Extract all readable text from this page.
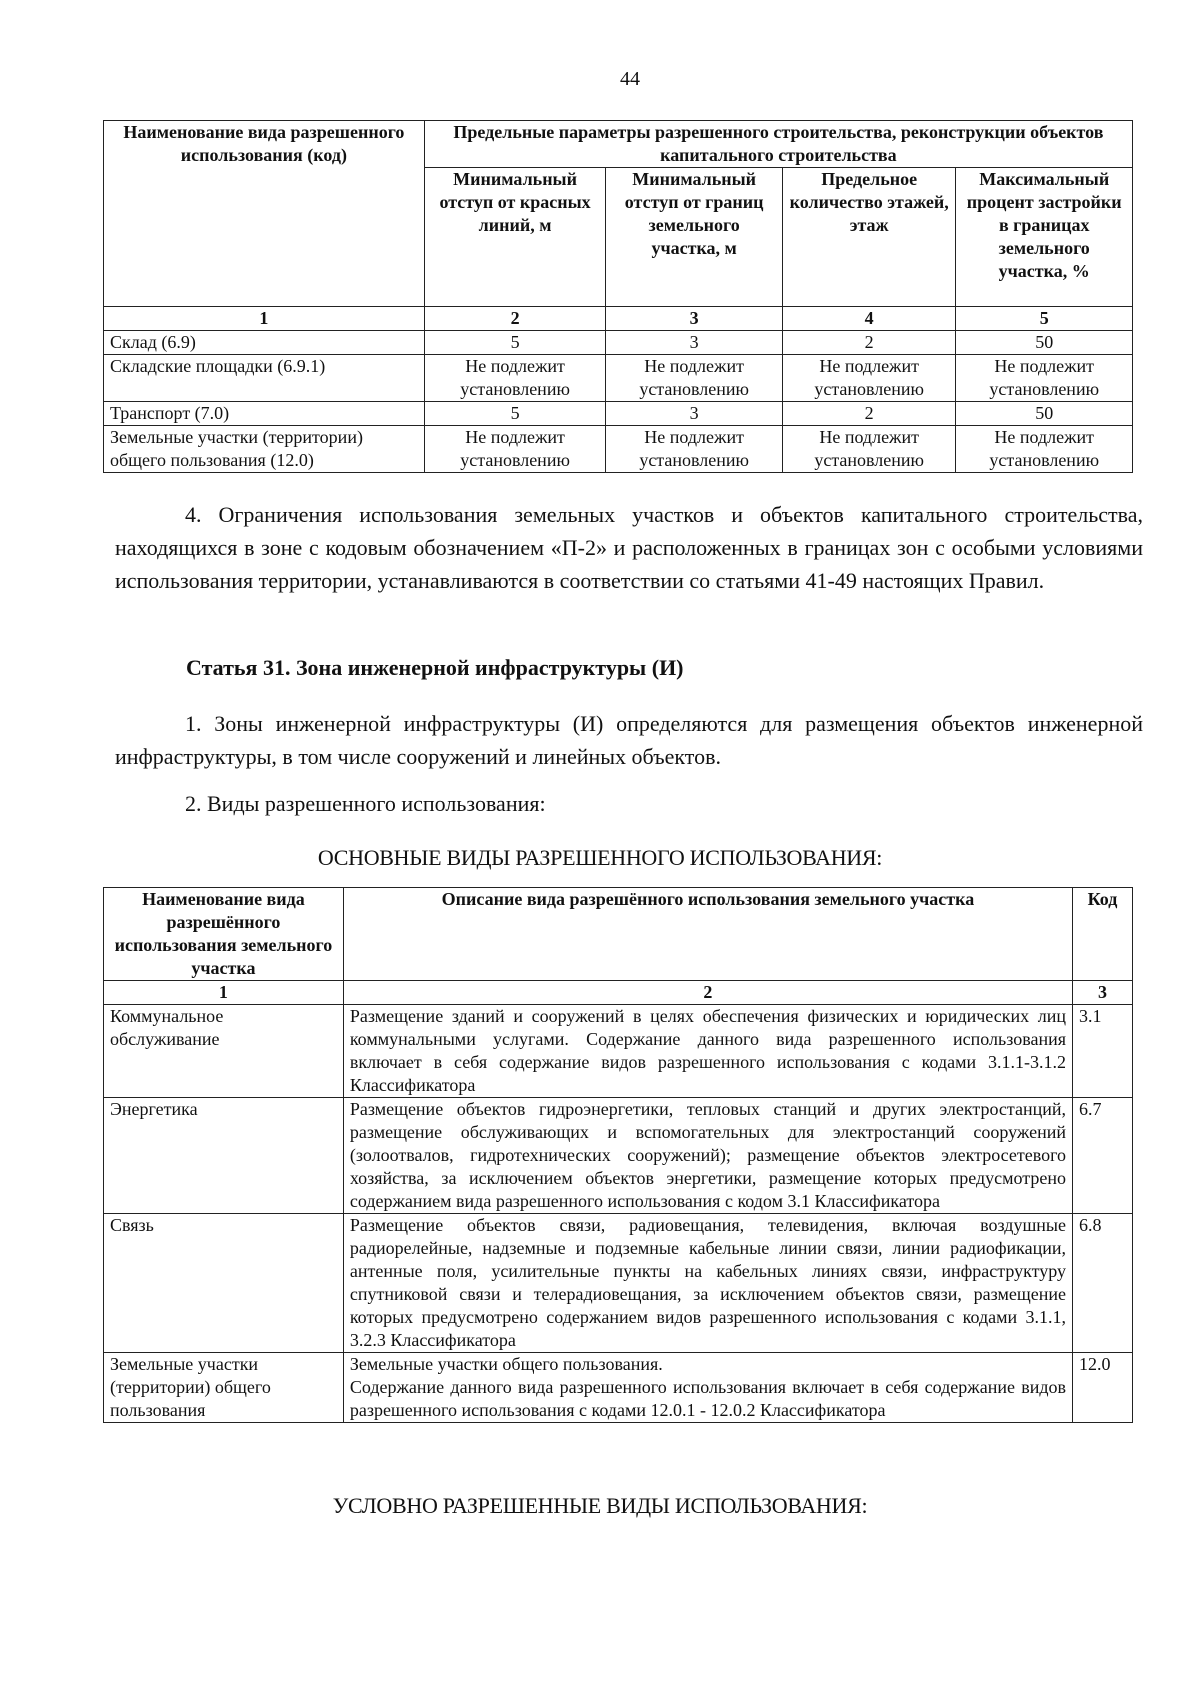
44
Наименование вида разрешенного использования (код)	Предельные параметры разрешенного строительства, реконструкции объектов капитального строительства			
	Минимальный отступ от красных линий, м	Минимальный отступ от границ земельного участка, м	Предельное количество этажей, этаж	Максимальный процент застройки в границах земельного участка, %
1	2	3	4	5
Склад (6.9)	5	3	2	50
Складские площадки (6.9.1)	Не подлежит установлению	Не подлежит установлению	Не подлежит установлению	Не подлежит установлению
Транспорт (7.0)	5	3	2	50
Земельные участки (территории) общего пользования (12.0)	Не подлежит установлению	Не подлежит установлению	Не подлежит установлению	Не подлежит установлению
4. Ограничения использования земельных участков и объектов капитального строительства, находящихся в зоне с кодовым обозначением «П-2» и расположенных в границах зон с особыми условиями использования территории, устанавливаются в соответствии со статьями 41-49 настоящих Правил.
Статья 31. Зона инженерной инфраструктуры (И)
1. Зоны инженерной инфраструктуры (И) определяются для размещения объектов инженерной инфраструктуры, в том числе сооружений и линейных объектов.
2. Виды разрешенного использования:
ОСНОВНЫЕ ВИДЫ РАЗРЕШЕННОГО ИСПОЛЬЗОВАНИЯ:
Наименование вида разрешённого использования земельного участка	Описание вида разрешённого использования земельного участка	Код
1	2	3
Коммунальное обслуживание	Размещение зданий и сооружений в целях обеспечения физических и юридических лиц коммунальными услугами. Содержание данного вида разрешенного использования включает в себя содержание видов разрешенного использования с кодами 3.1.1-3.1.2 Классификатора	3.1
Энергетика	Размещение объектов гидроэнергетики, тепловых станций и других электростанций, размещение обслуживающих и вспомогательных для электростанций сооружений (золоотвалов, гидротехнических сооружений); размещение объектов электросетевого хозяйства, за исключением объектов энергетики, размещение которых предусмотрено содержанием вида разрешенного использования с кодом 3.1 Классификатора	6.7
Связь	Размещение объектов связи, радиовещания, телевидения, включая воздушные радиорелейные, надземные и подземные кабельные линии связи, линии радиофикации, антенные поля, усилительные пункты на кабельных линиях связи, инфраструктуру спутниковой связи и телерадиовещания, за исключением объектов связи, размещение которых предусмотрено содержанием видов разрешенного использования с кодами 3.1.1, 3.2.3 Классификатора	6.8
Земельные участки (территории) общего пользования	Земельные участки общего пользования.
Содержание данного вида разрешенного использования включает в себя содержание видов разрешенного использования с кодами 12.0.1 - 12.0.2 Классификатора	12.0
УСЛОВНО РАЗРЕШЕННЫЕ ВИДЫ ИСПОЛЬЗОВАНИЯ:
